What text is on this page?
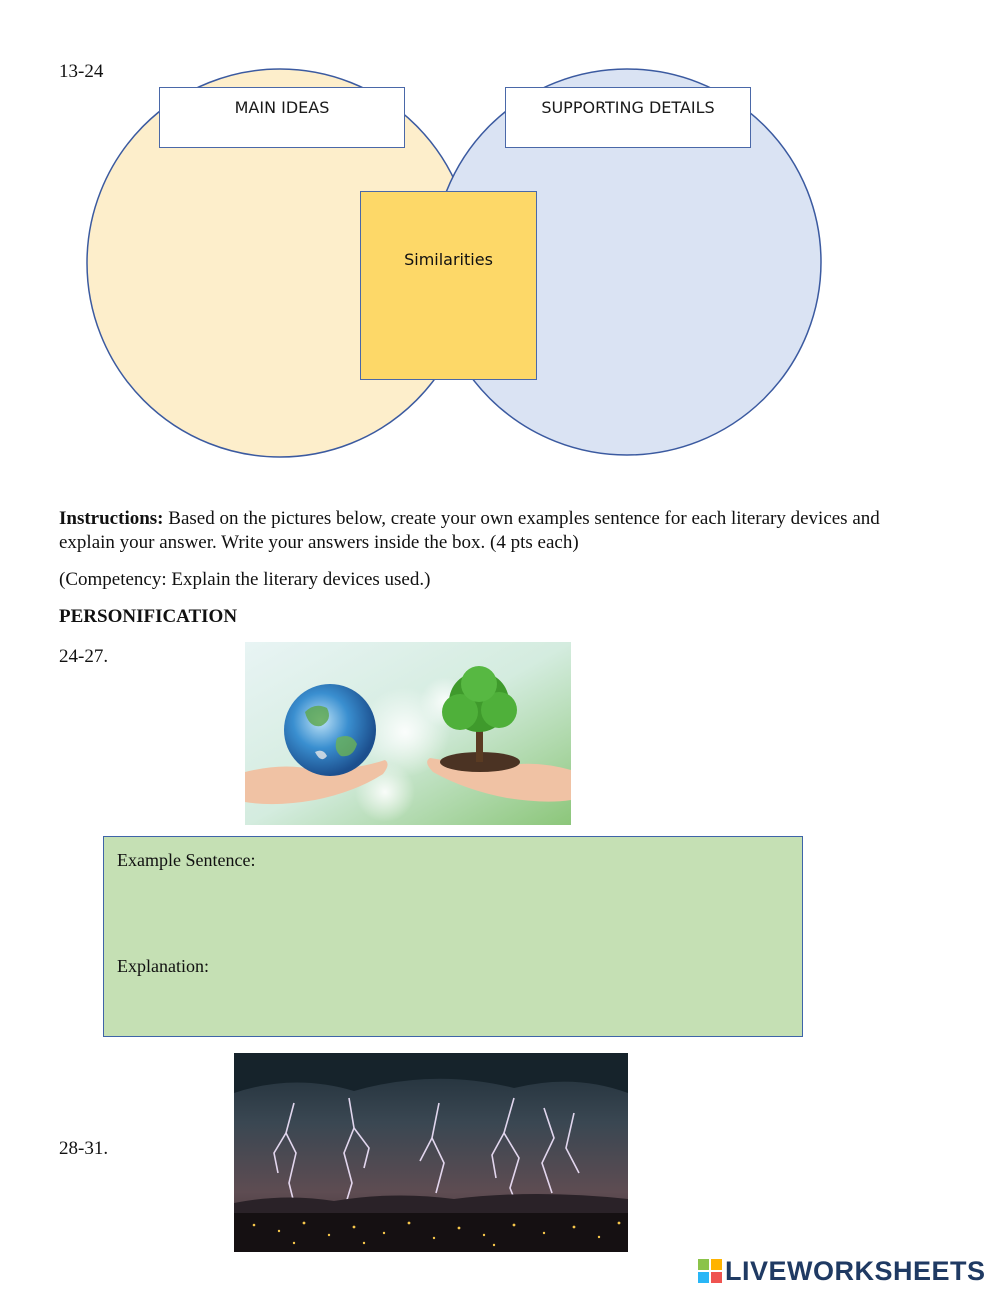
13-24
MAIN IDEAS	SUPPORTING DETAILS
Similarities
Instructions: Based on the pictures below, create your own examples sentence for each literary devices and explain your answer. Write your answers inside the box. (4 pts each)
(Competency: Explain the literary devices used.)
PERSONIFICATION
24-27.
Example Sentence:
Explanation:
28-31.
LIVEWORKSHEETS
